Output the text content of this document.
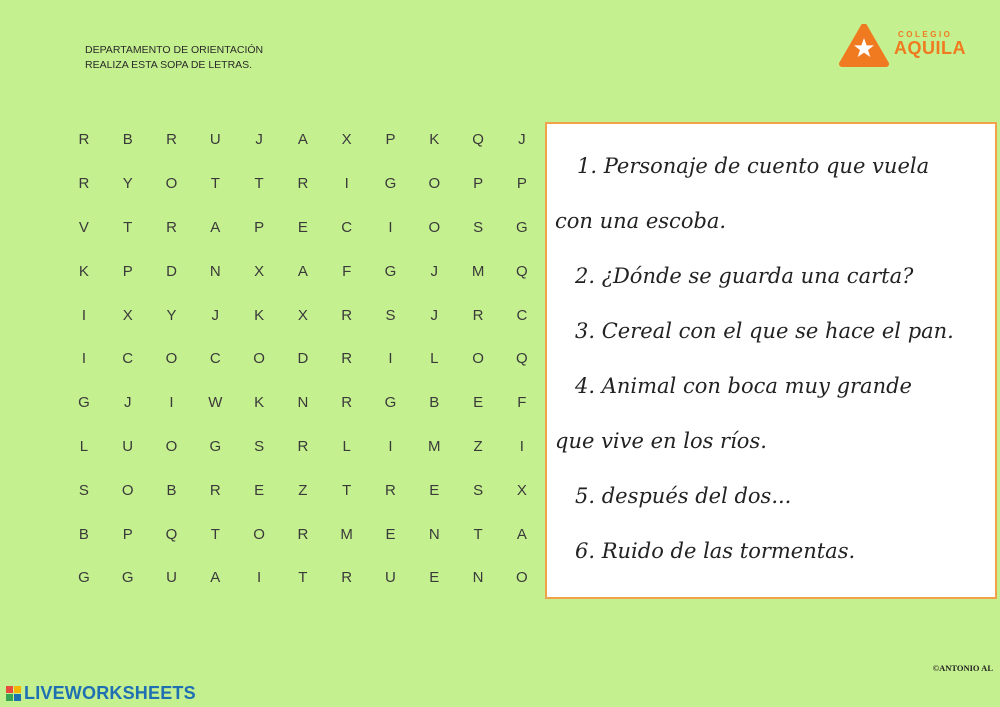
DEPARTAMENTO DE ORIENTACIÓN
REALIZA ESTA SOPA DE LETRAS.
COLEGIO
AQUILA
R	B	R	U	J	A	X	P	K	Q	J
R	Y	O	T	T	R	I	G	O	P	P
V	T	R	A	P	E	C	I	O	S	G
K	P	D	N	X	A	F	G	J	M	Q
I	X	Y	J	K	X	R	S	J	R	C
I	C	O	C	O	D	R	I	L	O	Q
G	J	I	W	K	N	R	G	B	E	F
L	U	O	G	S	R	L	I	M	Z	I
S	O	B	R	E	Z	T	R	E	S	X
B	P	Q	T	O	R	M	E	N	T	A
G	G	U	A	I	T	R	U	E	N	O
1. Personaje de cuento que vuela
con una escoba.
2. ¿Dónde se guarda una carta?
3. Cereal con el que se hace el pan.
4. Animal con boca muy grande
que vive en los ríos.
5. después del dos...
6. Ruido de las tormentas.
LIVEWORKSHEETS
©ANTONIO AL
